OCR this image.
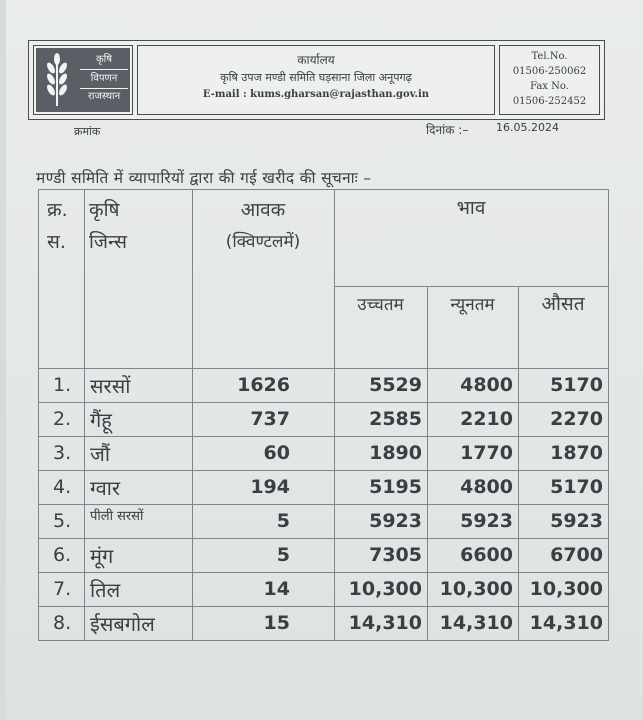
कृषि
विपणन
राजस्थान
कार्यालय
कृषि उपज मण्डी समिति घड़साना जिला अनूपगढ़
E-mail : kums.gharsan@rajasthan.gov.in
Tel.No.
01506-250062
Fax No.
01506-252452
क्रमांक	दिनांक :–	16.05.2024
मण्डी समिति में व्यापारियों द्वारा की गई खरीद की सूचनाः –
क्र.
स.
कृषि
जिन्स
आवक
(क्विण्टलमें)
भाव
उच्चतम	न्यूनतम	औसत
1. सरसों	1626	5529	4800	5170
2. गैंहू	737	2585	2210	2270
3. जौं	60	1890	1770	1870
4. ग्वार	194	5195	4800	5170
5.	पीली सरसों	5	5923	5923	5923
6. मूंग	5	7305	6600	6700
7. तिल	14	10,300 10,300 10,300
8. ईसबगोल	15	14,310 14,310 14,310
